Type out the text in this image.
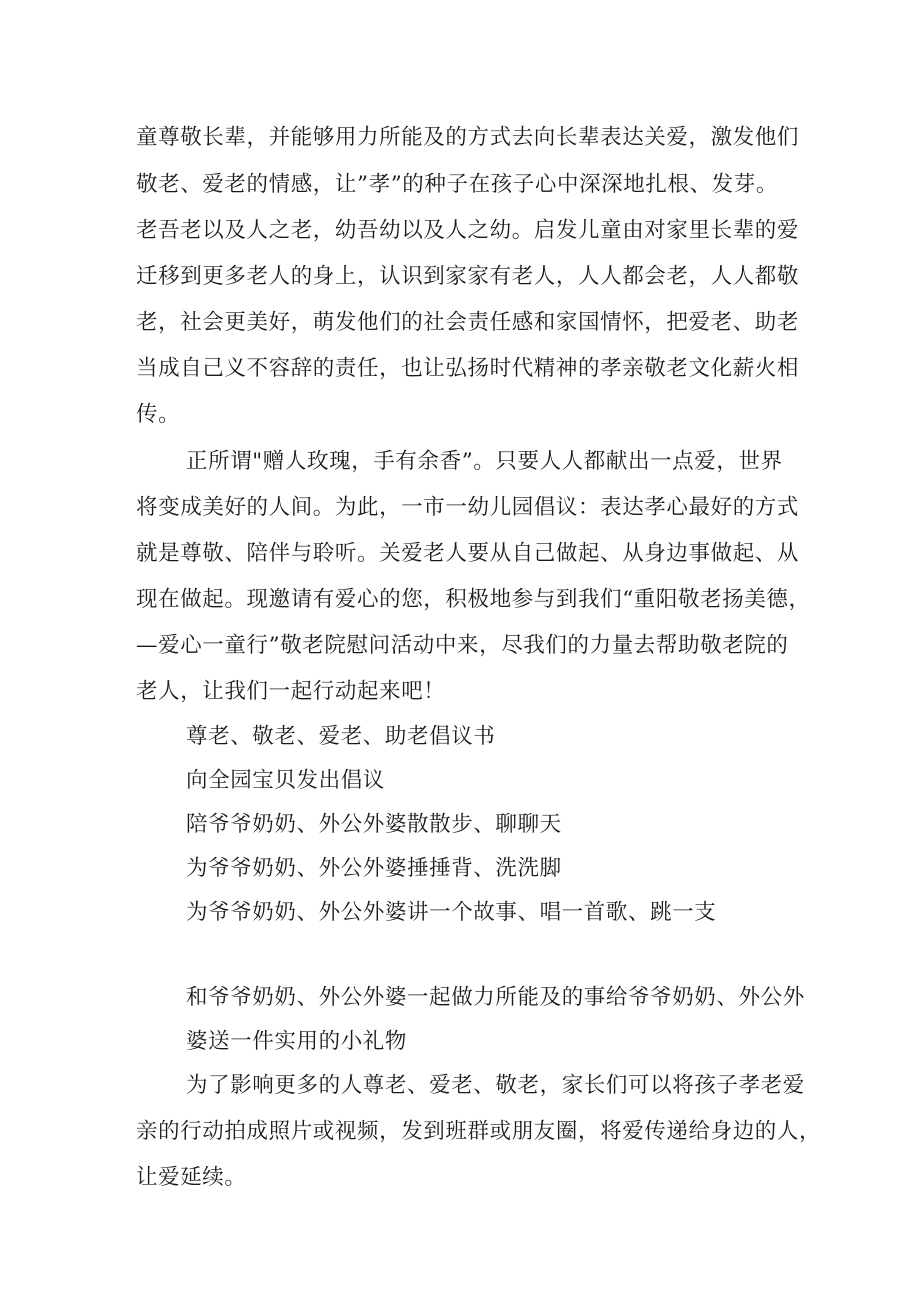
童尊敬长辈，并能够用力所能及的方式去向长辈表达关爱，激发他们
敬老、爱老的情感，让”孝”的种子在孩子心中深深地扎根、发芽。
老吾老以及人之老，幼吾幼以及人之幼。启发儿童由对家里长辈的爱
迁移到更多老人的身上，认识到家家有老人，人人都会老，人人都敬
老，社会更美好，萌发他们的社会责任感和家国情怀，把爱老、助老
当成自己义不容辞的责任，也让弘扬时代精神的孝亲敬老文化薪火相
传。
正所谓"赠人玫瑰，手有余香”。只要人人都献出一点爱，世界
将变成美好的人间。为此，一市一幼儿园倡议：表达孝心最好的方式
就是尊敬、陪伴与聆听。关爱老人要从自己做起、从身边事做起、从
现在做起。现邀请有爱心的您，积极地参与到我们“重阳敬老扬美德，
—爱心一童行”敬老院慰问活动中来，尽我们的力量去帮助敬老院的
老人，让我们一起行动起来吧！
尊老、敬老、爱老、助老倡议书
向全园宝贝发出倡议
陪爷爷奶奶、外公外婆散散步、聊聊天
为爷爷奶奶、外公外婆捶捶背、洗洗脚
为爷爷奶奶、外公外婆讲一个故事、唱一首歌、跳一支
和爷爷奶奶、外公外婆一起做力所能及的事给爷爷奶奶、外公外
婆送一件实用的小礼物
为了影响更多的人尊老、爱老、敬老，家长们可以将孩子孝老爱
亲的行动拍成照片或视频，发到班群或朋友圈，将爱传递给身边的人，
让爱延续。
